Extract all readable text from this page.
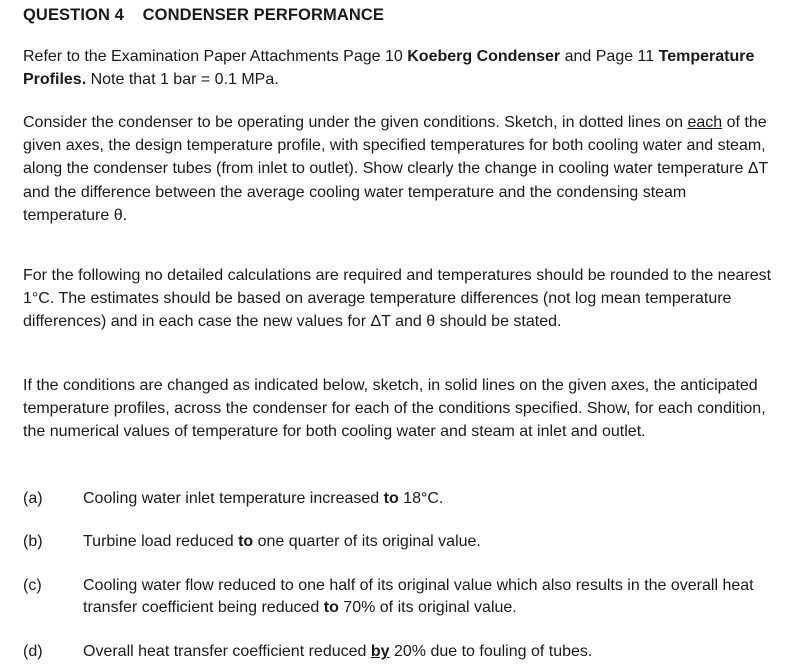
QUESTION 4 CONDENSER PERFORMANCE

Refer to the Examination Paper Attachments Page 10 Koeberg Condenser and Page 11 Temperature Profiles. Note that 1 bar = 0.1 MPa.

Consider the condenser to be operating under the given conditions. Sketch, in dotted lines on each of the given axes, the design temperature profile, with specified temperatures for both cooling water and steam, along the condenser tubes (from inlet to outlet). Show clearly the change in cooling water temperature ΔT and the difference between the average cooling water temperature and the condensing steam temperature θ.

For the following no detailed calculations are required and temperatures should be rounded to the nearest 1°C. The estimates should be based on average temperature differences (not log mean temperature differences) and in each case the new values for ΔT and θ should be stated.

If the conditions are changed as indicated below, sketch, in solid lines on the given axes, the anticipated temperature profiles, across the condenser for each of the conditions specified. Show, for each condition, the numerical values of temperature for both cooling water and steam at inlet and outlet.

(a)	Cooling water inlet temperature increased to 18°C.
(b)	Turbine load reduced to one quarter of its original value.
(c)	Cooling water flow reduced to one half of its original value which also results in the overall heat transfer coefficient being reduced to 70% of its original value.
(d)	Overall heat transfer coefficient reduced by 20% due to fouling of tubes.
